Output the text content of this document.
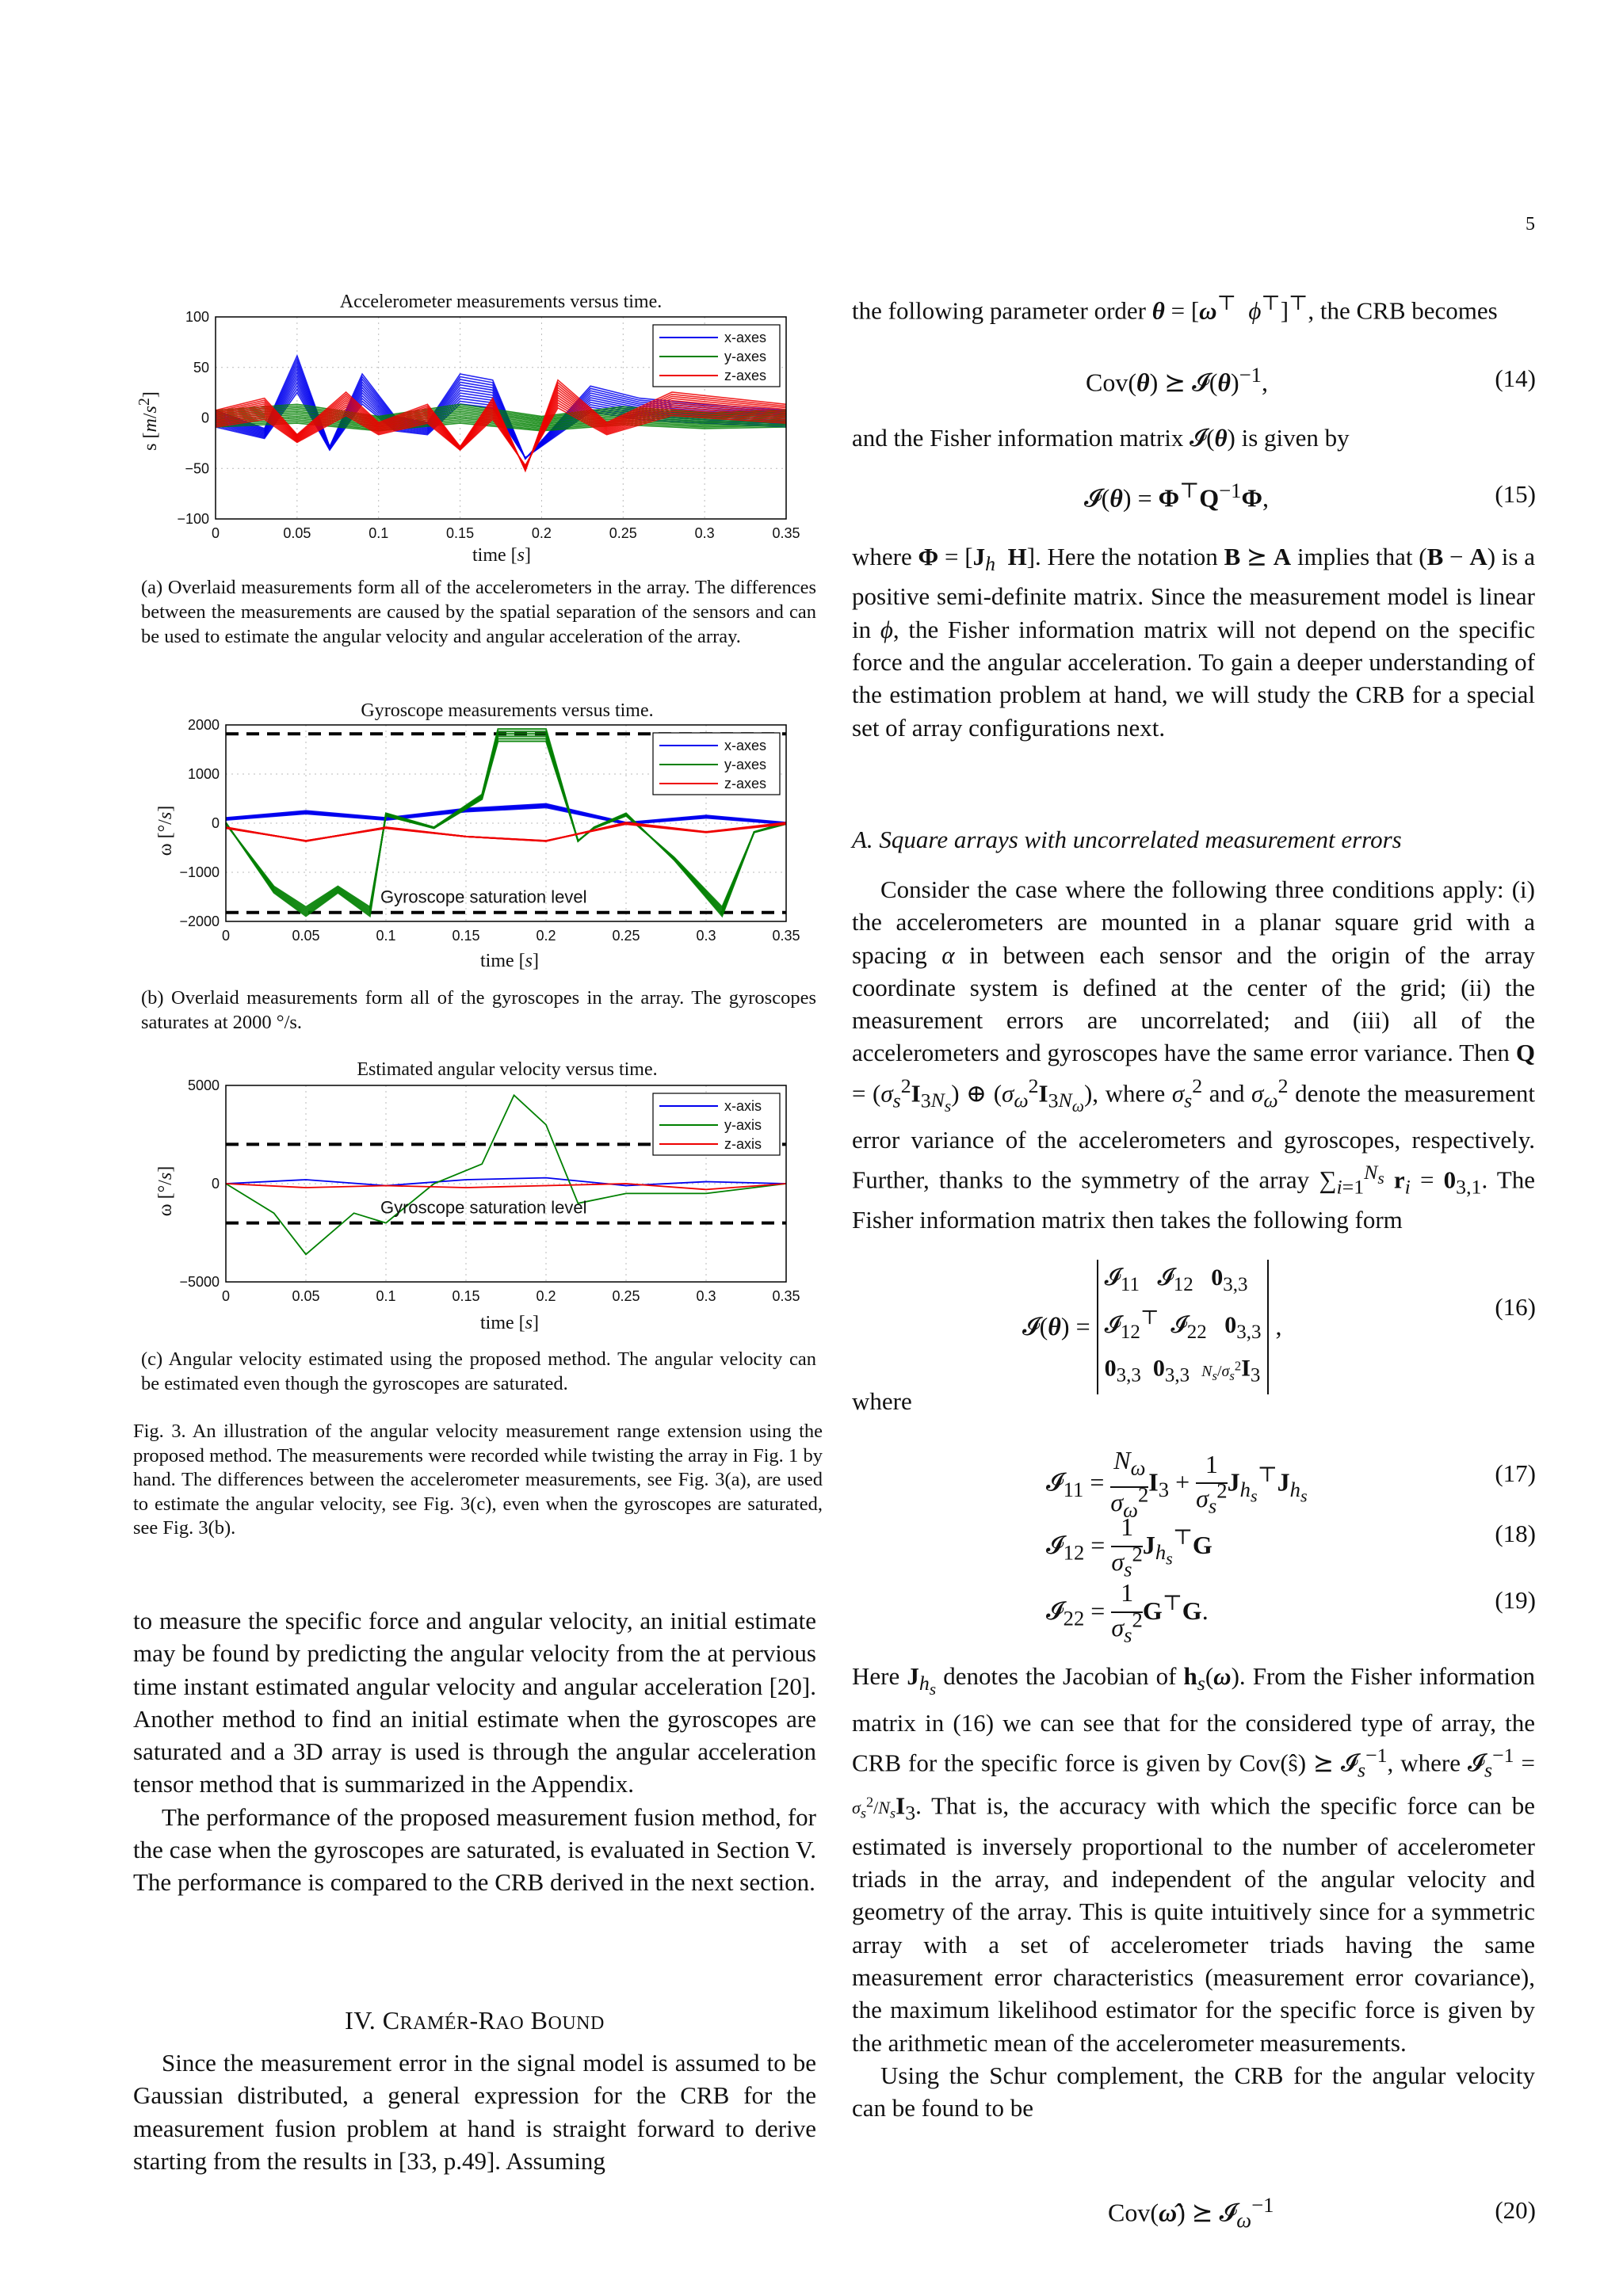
5
Accelerometer measurements versus time.
s $[m/s^2]$
0	0.05	0.1	0.15	0.2	0.25	0.3	0.35
100
50
0
−50
−100
x-axes
y-axes
z-axes
time [s]
(a) Overlaid measurements form all of the accelerometers in the array. The differences between the measurements are caused by the spatial separation of the sensors and can be used to estimate the angular velocity and angular acceleration of the array.
Gyroscope measurements versus time.
ω [°/s]
0	0.05	0.1	0.15	0.2	0.25	0.3	0.35
2000
1000
0
−1000
−2000
x-axes
y-axes
z-axes
Gyroscope saturation level
time [s]
(b) Overlaid measurements form all of the gyroscopes in the array. The gyroscopes saturates at 2000 °/s.
Estimated angular velocity versus time.
ω [°/s]
0	0.05	0.1	0.15	0.2	0.25	0.3	0.35
5000
0
−5000
x-axis
y-axis
z-axis
Gyroscope saturation level
time [s]
(c) Angular velocity estimated using the proposed method. The angular velocity can be estimated even though the gyroscopes are saturated.
Fig. 3. An illustration of the angular velocity measurement range extension using the proposed method. The measurements were recorded while twisting the array in Fig. 1 by hand. The differences between the accelerometer measurements, see Fig. 3(a), are used to estimate the angular velocity, see Fig. 3(c), even when the gyroscopes are saturated, see Fig. 3(b).

to measure the specific force and angular velocity, an initial estimate may be found by predicting the angular velocity from the at pervious time instant estimated angular velocity and angular acceleration [20]. Another method to find an initial estimate when the gyroscopes are saturated and a 3D array is used is through the angular acceleration tensor method that is summarized in the Appendix.

The performance of the proposed measurement fusion method, for the case when the gyroscopes are saturated, is evaluated in Section V. The performance is compared to the CRB derived in the next section.

IV. CRAMÉR-RAO BOUND

Since the measurement error in the signal model is assumed to be Gaussian distributed, a general expression for the CRB for the measurement fusion problem at hand is straight forward to derive starting from the results in [33, p.49]. Assuming

the following parameter order θ = [ω⊤ ϕ⊤]⊤, the CRB becomes

Cov(θ) ⪰ $𝓘(\theta)^{-1}$,	(14)

and the Fisher information matrix 𝓘(θ) is given by

𝓘(θ) = $\Phi^⊤Q^{-1}\Phi$,	(15)

where $\Phi = [J_h$ H]. Here the notation B ⪰ A implies that (B − A) is a positive semi-definite matrix. Since the measurement model is linear in ϕ, the Fisher information matrix will not depend on the specific force and the angular acceleration. To gain a deeper understanding of the estimation problem at hand, we will study the CRB for a special set of array configurations next.

A. Square arrays with uncorrelated measurement errors

Consider the case where the following three conditions apply: (i) the accelerometers are mounted in a planar square grid with a spacing α in between each sensor and the origin of the array coordinate system is defined at the center of the grid; (ii) the measurement errors are uncorrelated; and (iii) all of the accelerometers and gyroscopes have the same error variance. Then $Q = (\sigma_s^2I_{3N_s})$ ⊕ $(\sigma_\omega^2I_{3N_\omega})$, where $\sigma_s^2$ and $\sigma_\omega^2$ denote the measurement error variance of the accelerometers and gyroscopes, respectively. Further, thanks to the symmetry of the array $\sum_{i=1}^{N_s}$ $r_i = 0_{3,1}$. The Fisher information matrix then takes the following form

𝓘(θ) = 𝓘$_{11}$   𝓘$_{12}$ $0_{3,3}$
𝓘$_{12}$⊤  𝓘$_{22}$ $0_{3,3}$
$0_{3,3}$ $0_{3,3}$ $N_s/\sigma_s^2I_3$ ,
(16)
where
𝓘$_{11}$ = $\frac{N_\omega}{\sigma_\omega^2}I_3 + 1$
$\sigma_s^2J_{h_s}^⊤J_{h_s}$
(17)
𝓘$_{12}$ = 1
$\sigma_s^2J_{h_s}^⊤G$	(18)
𝓘$_{22}$ = 1
$\sigma_s^2G^⊤G$.	(19)

Here $J_{h_s}$ denotes the Jacobian of $h_s(\omega)$. From the Fisher information matrix in (16) we can see that for the considered type of array, the CRB for the specific force is given by Cov(ŝ) ⪰ 𝓘$_s^{-1}$, where 𝓘$_s^{-1}$ = $\sigma_s^2/N_sI_3$. That is, the accuracy with which the specific force can be estimated is inversely proportional to the number of accelerometer triads in the array, and independent of the angular velocity and geometry of the array. This is quite intuitively since for a symmetric array with a set of accelerometer triads having the same measurement error characteristics (measurement error covariance), the maximum likelihood estimator for the specific force is given by the arithmetic mean of the accelerometer measurements.

Using the Schur complement, the CRB for the angular velocity can be found to be

Cov(ω̂) ⪰ 𝓘$_\omega^{-1}$	(20)
